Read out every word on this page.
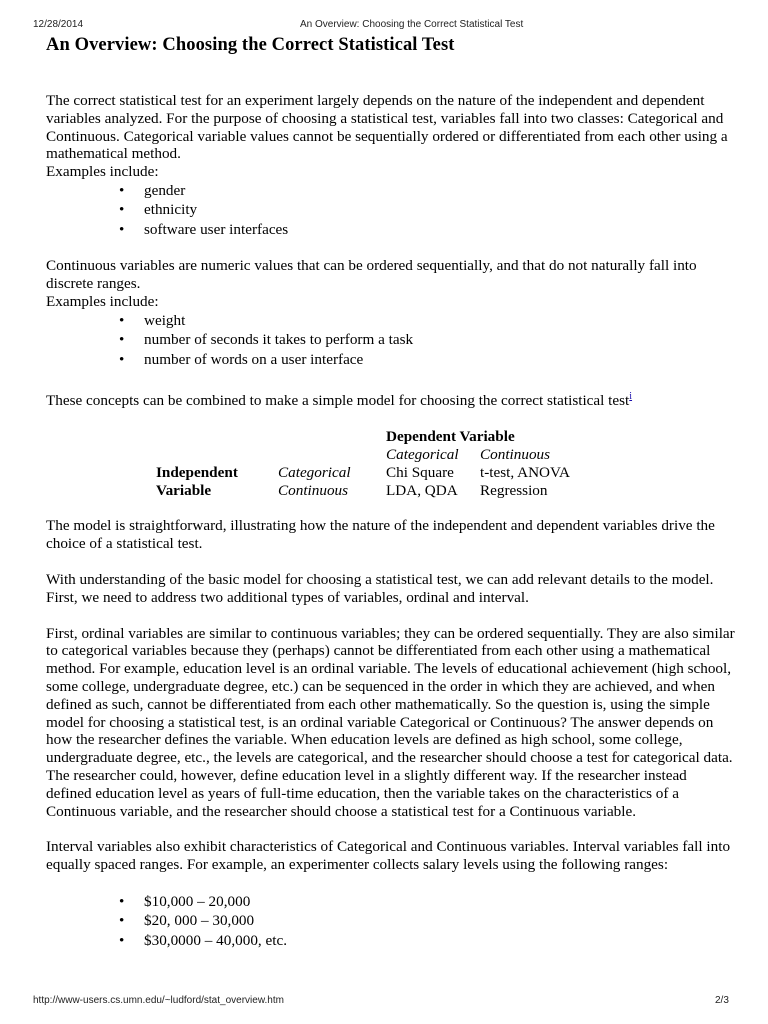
12/28/2014	An Overview: Choosing the Correct Statistical Test
An Overview: Choosing the Correct Statistical Test

The correct statistical test for an experiment largely depends on the nature of the independent and dependent variables analyzed. For the purpose of choosing a statistical test, variables fall into two classes: Categorical and Continuous. Categorical variable values cannot be sequentially ordered or differentiated from each other using a mathematical method.

Examples include:

• gender
• ethnicity
• software user interfaces

Continuous variables are numeric values that can be ordered sequentially, and that do not naturally fall into discrete ranges.

Examples include:

• weight
• number of seconds it takes to perform a task
• number of words on a user interface

These concepts can be combined to make a simple model for choosing the correct statistical test$^i$

		Dependent Variable	
		Categorical	Continuous
Independent	Categorical	Chi Square	t-test, ANOVA
Variable	Continuous	LDA, QDA	Regression

The model is straightforward, illustrating how the nature of the independent and dependent variables drive the choice of a statistical test.

With understanding of the basic model for choosing a statistical test, we can add relevant details to the model. First, we need to address two additional types of variables, ordinal and interval.

First, ordinal variables are similar to continuous variables; they can be ordered sequentially. They are also similar to categorical variables because they (perhaps) cannot be differentiated from each other using a mathematical method. For example, education level is an ordinal variable. The levels of educational achievement (high school, some college, undergraduate degree, etc.) can be sequenced in the order in which they are achieved, and when defined as such, cannot be differentiated from each other mathematically. So the question is, using the simple model for choosing a statistical test, is an ordinal variable Categorical or Continuous? The answer depends on how the researcher defines the variable. When education levels are defined as high school, some college, undergraduate degree, etc., the levels are categorical, and the researcher should choose a test for categorical data. The researcher could, however, define education level in a slightly different way. If the researcher instead defined education level as years of full-time education, then the variable takes on the characteristics of a Continuous variable, and the researcher should choose a statistical test for a Continuous variable.

Interval variables also exhibit characteristics of Categorical and Continuous variables. Interval variables fall into equally spaced ranges. For example, an experimenter collects salary levels using the following ranges:

• $10,000 – 20,000
• $20, 000 – 30,000
• $30,0000 – 40,000, etc.
http://www-users.cs.umn.edu/~ludford/stat_overview.htm	2/3
